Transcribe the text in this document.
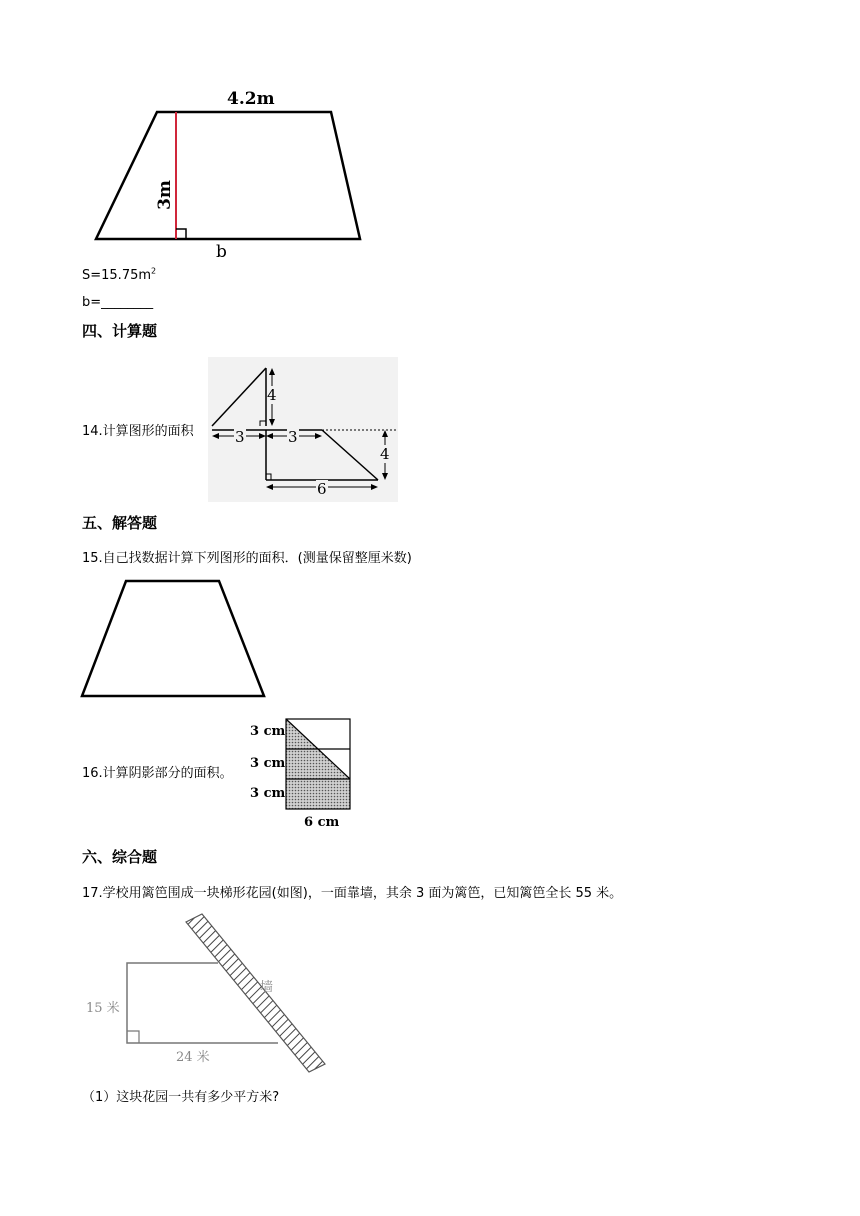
4.2m
3m
b
$S=15.75m^2$
b=________
四、计算题
14.计算图形的面积
4
3	3
4
6
五、解答题
15.自己找数据计算下列图形的面积．(测量保留整厘米数)
16.计算阴影部分的面积。
3 cm
3 cm
3 cm
6 cm
六、综合题
17.学校用篱笆围成一块梯形花园(如图)，一面靠墙，其余 3 面为篱笆，已知篱笆全长 55 米。
15 米
24 米
墙
（1）这块花园一共有多少平方米?
